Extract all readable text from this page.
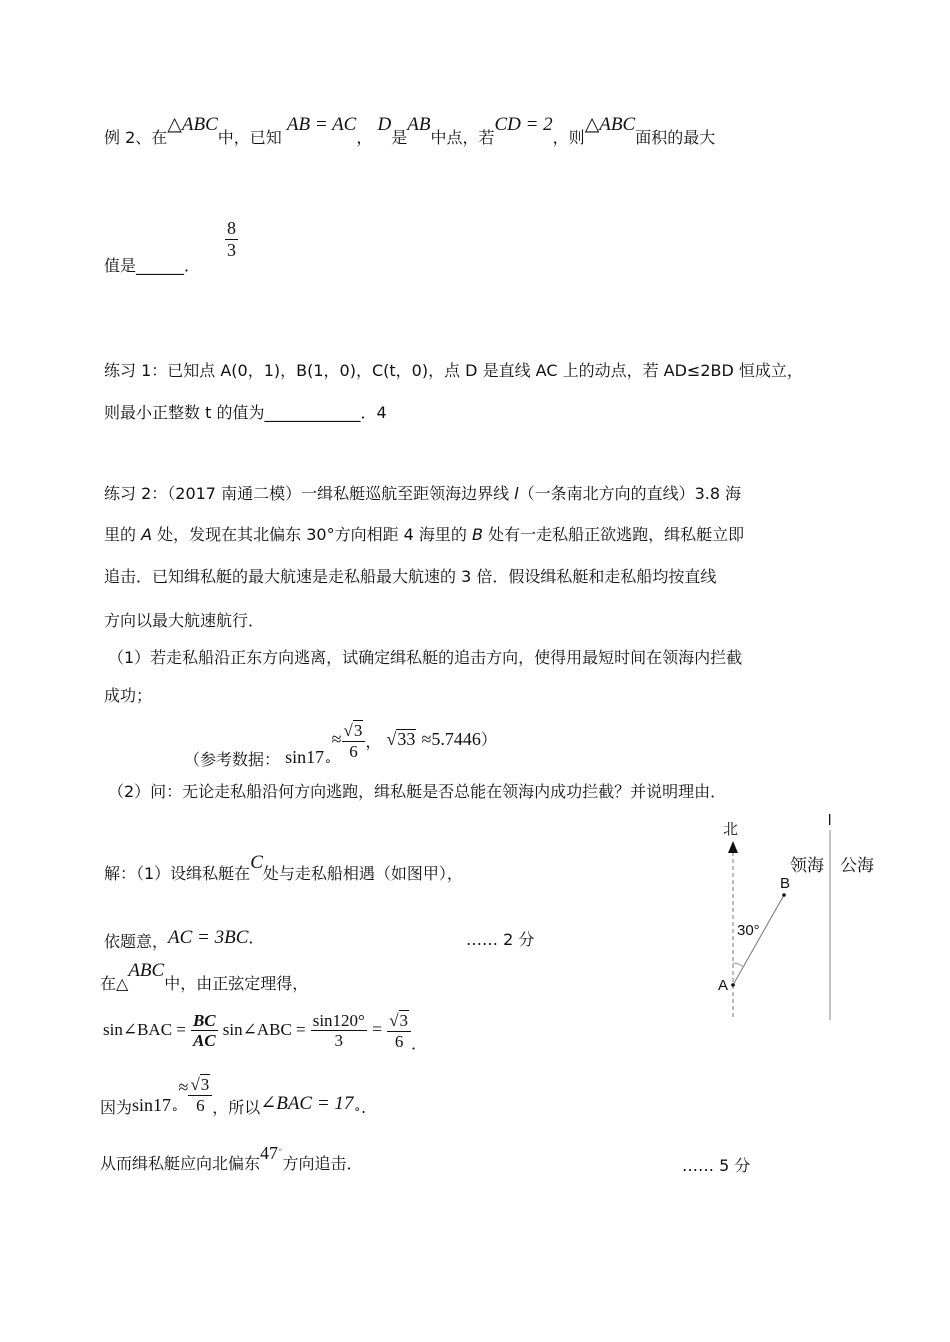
例 2、在△ABC中，已知 AB = AC， D是AB中点，若CD = 2，则△ABC面积的最大
值是______．
$\frac{8}{3}$
练习 1：已知点 A(0，1)，B(1，0)，C(t，0)，点 D 是直线 AC 上的动点，若 AD≤2BD 恒成立，
则最小正整数 t 的值为____________．4
练习 2：（2017 南通二模）一缉私艇巡航至距领海边界线 l（一条南北方向的直线）3.8 海
里的 A 处，发现在其北偏东 30°方向相距 4 海里的 B 处有一走私船正欲逃跑，缉私艇立即
追击．已知缉私艇的最大航速是走私船最大航速的 3 倍．假设缉私艇和走私船均按直线
方向以最大航速航行．
（1）若走私船沿正东方向逃离，试确定缉私艇的追击方向，使得用最短时间在领海内拦截
成功；
（参考数据： $\sin 17_\circ\approx \frac{√3}{6}$ ， √33 ≈5.7446）
（2）问：无论走私船沿何方向逃跑，缉私艇是否总能在领海内成功拦截？并说明理由．
解：（1）设缉私艇在C处与走私船相遇（如图甲），
依题意，AC = 3BC．	…… 2 分
在△ABC中，由正弦定理得，
sin∠BAC = $\frac{BC}{AC}$ sin∠ABC = $\frac{\sin 120^\circ}{3} = \frac{√3}{6}$ ．
因为$\sin 17_\circ\approx \frac{√3}{6}$ ，所以∠BAC = $17_\circ$.
从而缉私艇应向北偏东47°方向追击．	…… 5 分
北
l
领海 公海
B
30°
A
